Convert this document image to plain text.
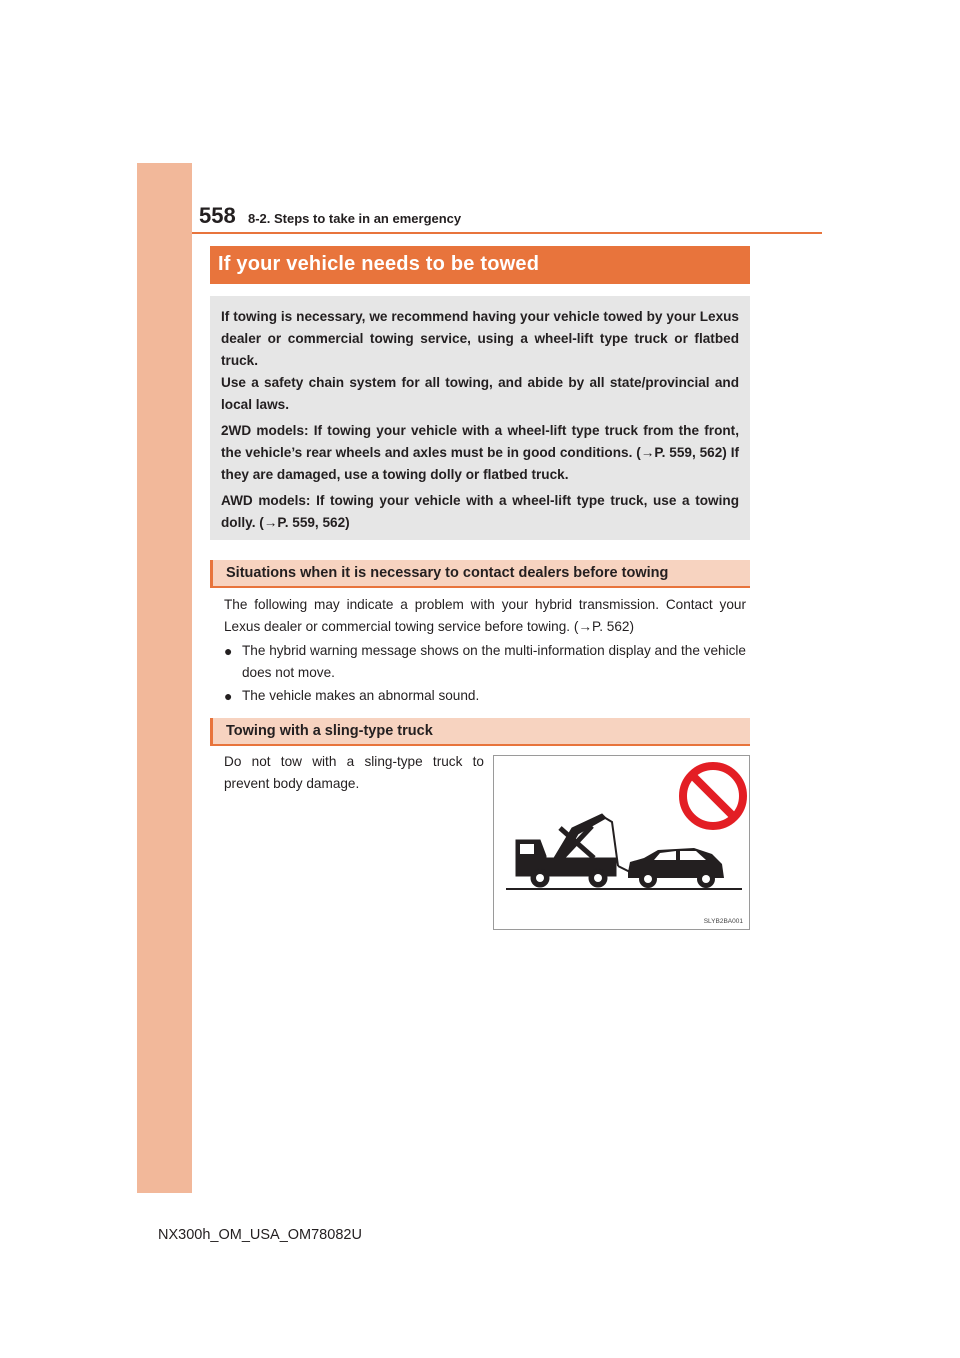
558 8-2. Steps to take in an emergency
If your vehicle needs to be towed

If towing is necessary, we recommend having your vehicle towed by your Lexus dealer or commercial towing service, using a wheel-lift type truck or flatbed truck.

Use a safety chain system for all towing, and abide by all state/provincial and local laws.

2WD models: If towing your vehicle with a wheel-lift type truck from the front, the vehicle’s rear wheels and axles must be in good conditions. (→P. 559, 562) If they are damaged, use a towing dolly or flatbed truck.

AWD models: If towing your vehicle with a wheel-lift type truck, use a towing dolly. (→P. 559, 562)

Situations when it is necessary to contact dealers before towing
The following may indicate a problem with your hybrid transmission. Contact your Lexus dealer or commercial towing service before towing. (→P. 562)
● The hybrid warning message shows on the multi-information display and the vehicle does not move.
● The vehicle makes an abnormal sound.
Towing with a sling-type truck
Do not tow with a sling-type truck to prevent body damage.
SLYB2BA001
NX300h_OM_USA_OM78082U
